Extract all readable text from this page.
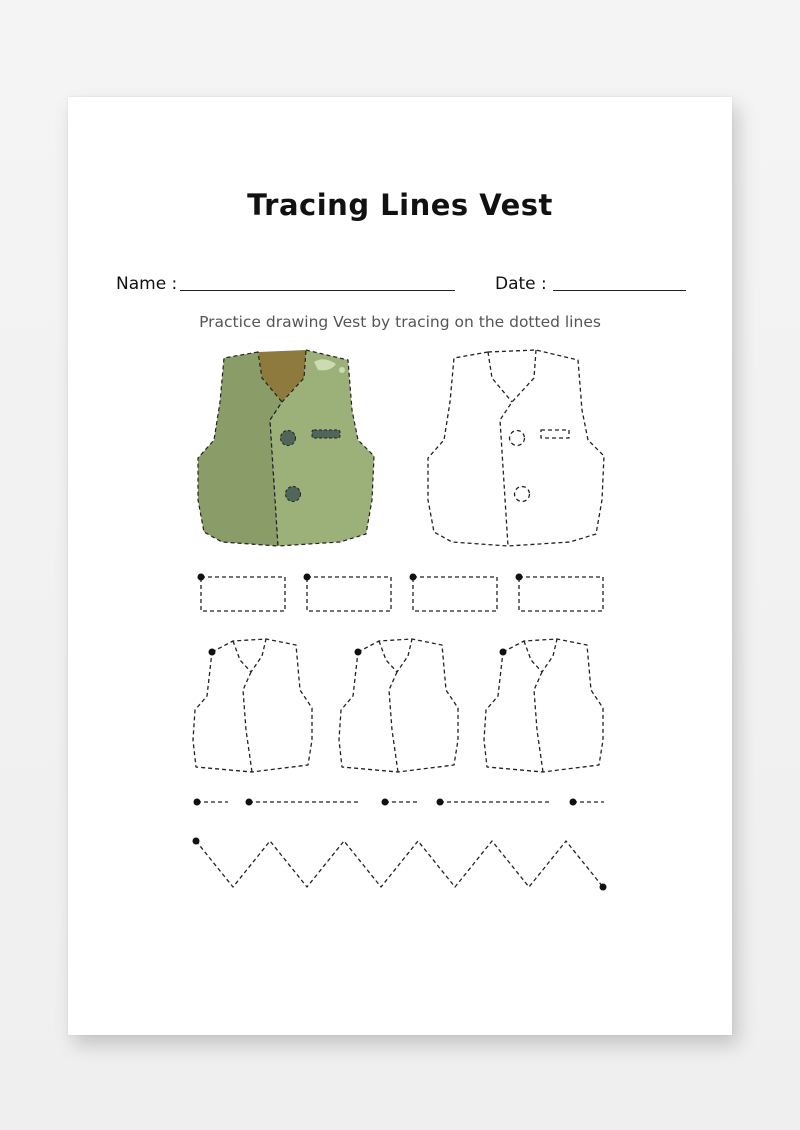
Tracing Lines Vest
Name :	Date :
Practice drawing Vest by tracing on the dotted lines
